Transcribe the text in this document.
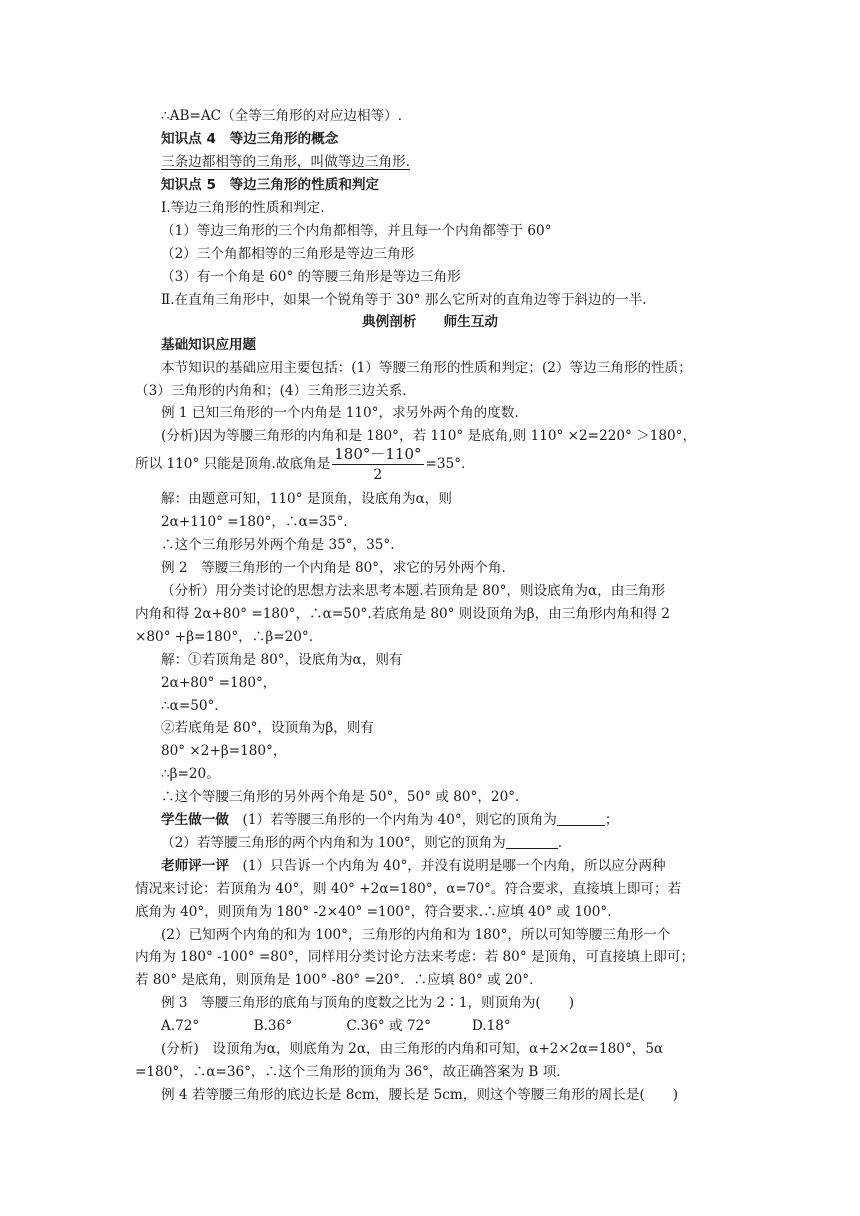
∴AB=AC（全等三角形的对应边相等）.
知识点 4　等边三角形的概念
三条边都相等的三角形，叫做等边三角形.
知识点 5　等边三角形的性质和判定
Ⅰ.等边三角形的性质和判定.
（1）等边三角形的三个内角都相等，并且每一个内角都等于 60°
（2）三个角都相等的三角形是等边三角形
（3）有一个角是 60° 的等腰三角形是等边三角形
Ⅱ.在直角三角形中，如果一个锐角等于 30° 那么它所对的直角边等于斜边的一半.
典例剖析　　师生互动
基础知识应用题
本节知识的基础应用主要包括：(1）等腰三角形的性质和判定；(2）等边三角形的性质；
（3）三角形的内角和；(4）三角形三边关系.
例 1 已知三角形的一个内角是 110°，求另外两个角的度数.
(分析)因为等腰三角形的内角和是 180°，若 110° 是底角,则 110° ×2=220° ＞180°，
所以 110° 只能是顶角.故底角是 $\frac{180^\circ-110^\circ}{2} =35^\circ$．
解：由题意可知，110° 是顶角，设底角为α，则
2α+110° =180°，∴α=35°.
∴这个三角形另外两个角是 35°，35°.
例 2　等腰三角形的一个内角是 80°，求它的另外两个角.
（分析）用分类讨论的思想方法来思考本题.若顶角是 80°，则设底角为α，由三角形
内角和得 2α+80° =180°，∴α=50°.若底角是 80° 则设顶角为β，由三角形内角和得 2
×80° +β=180°，∴β=20°.
解：①若顶角是 80°，设底角为α，则有
2α+80° =180°，
∴α=50°．
②若底角是 80°，设顶角为β，则有
80° ×2+β=180°，
∴β=20。
∴这个等腰三角形的另外两个角是 50°，50° 或 80°，20°．
学生做一做　(1）若等腰三角形的一个内角为 40°，则它的顶角为	；
（2）若等腰三角形的两个内角和为 100°，则它的顶角为	.
老师评一评　(1）只告诉一个内角为 40°，并没有说明是哪一个内角，所以应分两种
情况来讨论：若顶角为 40°，则 40° +2α=180°，α=70°。符合要求，直接填上即可；若
底角为 40°，则顶角为 180° -2×40° =100°，符合要求.∴应填 40° 或 100°.
(2）已知两个内角的和为 100°，三角形的内角和为 180°，所以可知等腰三角形一个
内角为 180° -100° =80°，同样用分类讨论方法来考虑：若 80° 是顶角，可直接填上即可；
若 80° 是底角，则顶角是 100° -80° =20°．∴应填 80° 或 20°．
例 3　等腰三角形的底角与顶角的度数之比为 2∶1，则顶角为( )
A.72°　　　　B.36°　　　　C.36° 或 72°　　　D.18°
(分析)　设顶角为α，则底角为 2α，由三角形的内角和可知，α+2×2α=180°，5α
=180°，∴α=36°，∴这个三角形的顶角为 36°，故正确答案为 B 项.
例 4 若等腰三角形的底边长是 8cm，腰长是 5cm，则这个等腰三角形的周长是( )
